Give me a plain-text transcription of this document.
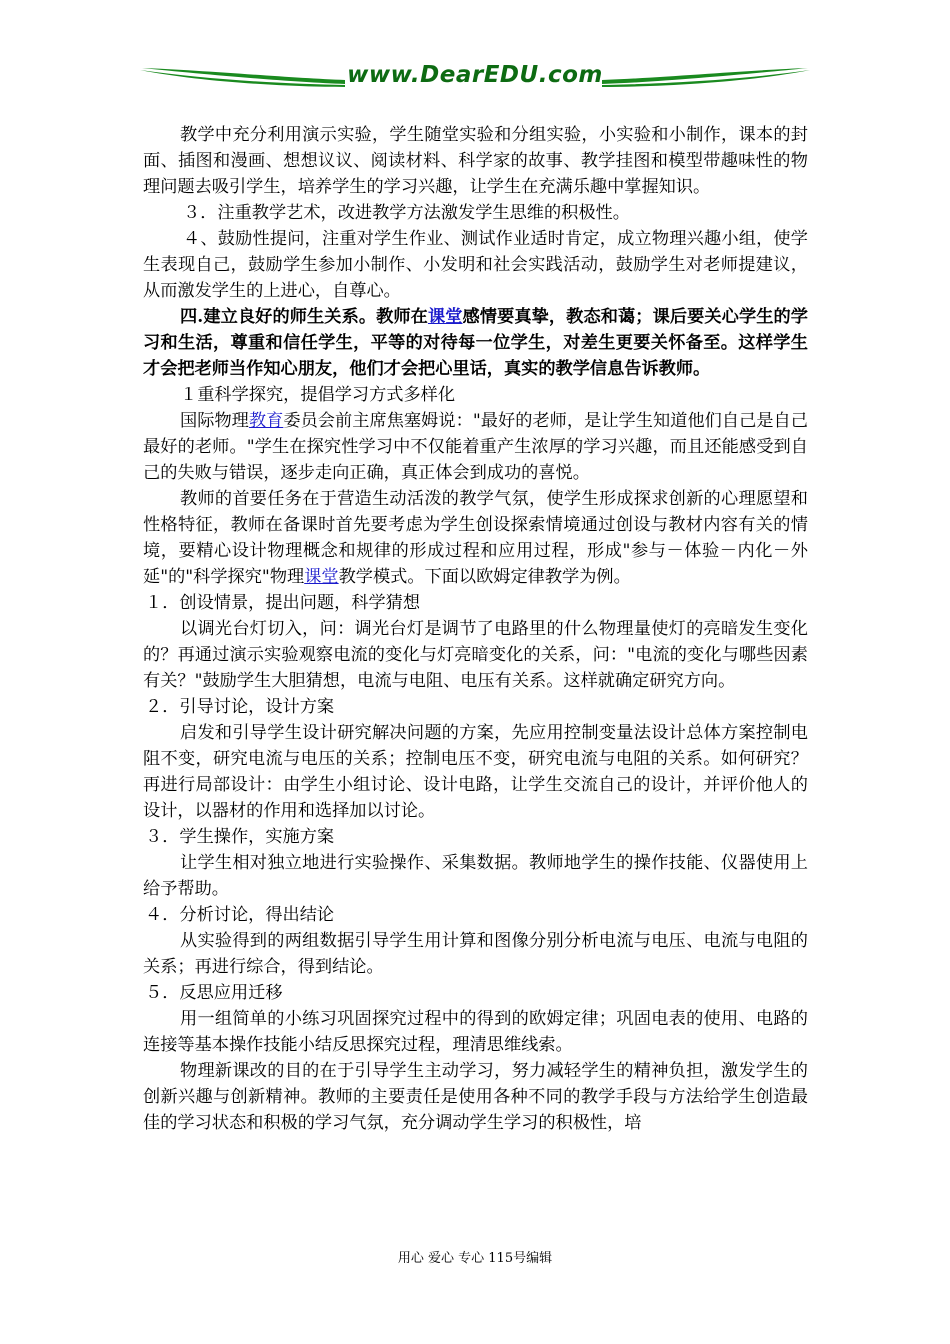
www.DearEDU.com

教学中充分利用演示实验，学生随堂实验和分组实验，小实验和小制作，课本的封面、插图和漫画、想想议议、阅读材料、科学家的故事、教学挂图和模型带趣味性的物理问题去吸引学生，培养学生的学习兴趣，让学生在充满乐趣中掌握知识。

３．注重教学艺术，改进教学方法激发学生思维的积极性。

４、鼓励性提问，注重对学生作业、测试作业适时肯定，成立物理兴趣小组，使学生表现自己，鼓励学生参加小制作、小发明和社会实践活动，鼓励学生对老师提建议，从而激发学生的上进心，自尊心。

四.建立良好的师生关系。教师在课堂感情要真挚，教态和蔼；课后要关心学生的学习和生活，尊重和信任学生，平等的对待每一位学生，对差生更要关怀备至。这样学生才会把老师当作知心朋友，他们才会把心里话，真实的教学信息告诉教师。

１重科学探究，提倡学习方式多样化

国际物理教育委员会前主席焦塞姆说："最好的老师，是让学生知道他们自己是自己最好的老师。"学生在探究性学习中不仅能着重产生浓厚的学习兴趣，而且还能感受到自己的失败与错误，逐步走向正确，真正体会到成功的喜悦。

教师的首要任务在于营造生动活泼的教学气氛，使学生形成探求创新的心理愿望和性格特征，教师在备课时首先要考虑为学生创设探索情境通过创设与教材内容有关的情境，要精心设计物理概念和规律的形成过程和应用过程，形成"参与－体验－内化－外延"的"科学探究"物理课堂教学模式。下面以欧姆定律教学为例。

１．创设情景，提出问题，科学猜想

以调光台灯切入，问：调光台灯是调节了电路里的什么物理量使灯的亮暗发生变化的？再通过演示实验观察电流的变化与灯亮暗变化的关系，问："电流的变化与哪些因素有关？"鼓励学生大胆猜想，电流与电阻、电压有关系。这样就确定研究方向。

２．引导讨论，设计方案

启发和引导学生设计研究解决问题的方案，先应用控制变量法设计总体方案控制电阻不变，研究电流与电压的关系；控制电压不变，研究电流与电阻的关系。如何研究？再进行局部设计：由学生小组讨论、设计电路，让学生交流自己的设计，并评价他人的设计，以器材的作用和选择加以讨论。

３．学生操作，实施方案

让学生相对独立地进行实验操作、采集数据。教师地学生的操作技能、仪器使用上给予帮助。

４．分析讨论，得出结论

从实验得到的两组数据引导学生用计算和图像分别分析电流与电压、电流与电阻的关系；再进行综合，得到结论。

５．反思应用迁移

用一组简单的小练习巩固探究过程中的得到的欧姆定律；巩固电表的使用、电路的连接等基本操作技能小结反思探究过程，理清思维线索。

物理新课改的目的在于引导学生主动学习，努力减轻学生的精神负担，激发学生的创新兴趣与创新精神。教师的主要责任是使用各种不同的教学手段与方法给学生创造最佳的学习状态和积极的学习气氛，充分调动学生学习的积极性，培

用心 爱心 专心 115号编辑
